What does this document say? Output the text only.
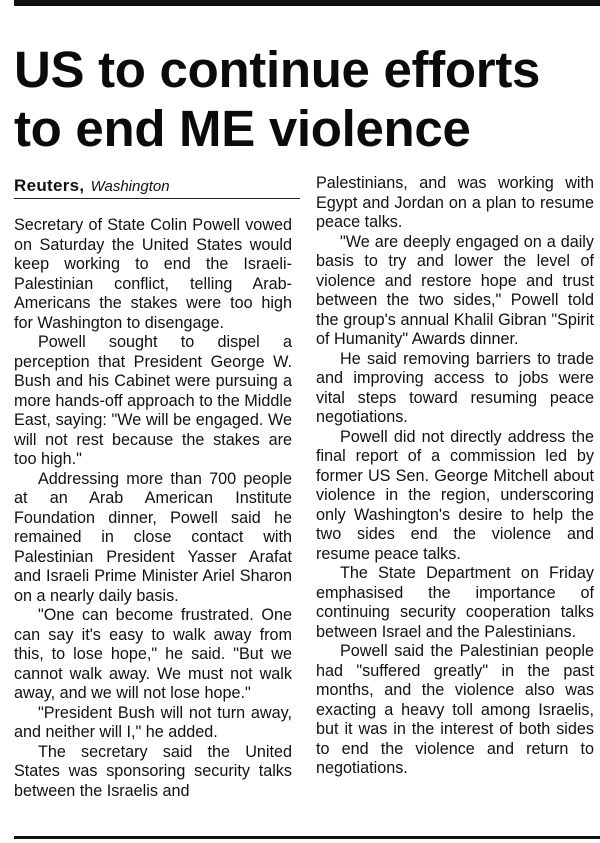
US to continue efforts to end ME violence
Reuters, Washington

Secretary of State Colin Powell vowed on Saturday the United States would keep working to end the Israeli-Palestinian conflict, telling Arab-Americans the stakes were too high for Washington to disengage.

Powell sought to dispel a perception that President George W. Bush and his Cabinet were pursuing a more hands-off approach to the Middle East, saying: "We will be engaged. We will not rest because the stakes are too high."

Addressing more than 700 people at an Arab American Institute Foundation dinner, Powell said he remained in close contact with Palestinian President Yasser Arafat and Israeli Prime Minister Ariel Sharon on a nearly daily basis.

"One can become frustrated. One can say it's easy to walk away from this, to lose hope," he said. "But we cannot walk away. We must not walk away, and we will not lose hope."

"President Bush will not turn away, and neither will I," he added.

The secretary said the United States was sponsoring security talks between the Israelis and

Palestinians, and was working with Egypt and Jordan on a plan to resume peace talks.

"We are deeply engaged on a daily basis to try and lower the level of violence and restore hope and trust between the two sides," Powell told the group's annual Khalil Gibran "Spirit of Humanity" Awards dinner.

He said removing barriers to trade and improving access to jobs were vital steps toward resuming peace negotiations.

Powell did not directly address the final report of a commission led by former US Sen. George Mitchell about violence in the region, underscoring only Washington's desire to help the two sides end the violence and resume peace talks.

The State Department on Friday emphasised the importance of continuing security cooperation talks between Israel and the Palestinians.

Powell said the Palestinian people had "suffered greatly" in the past months, and the violence also was exacting a heavy toll among Israelis, but it was in the interest of both sides to end the violence and return to negotiations.
